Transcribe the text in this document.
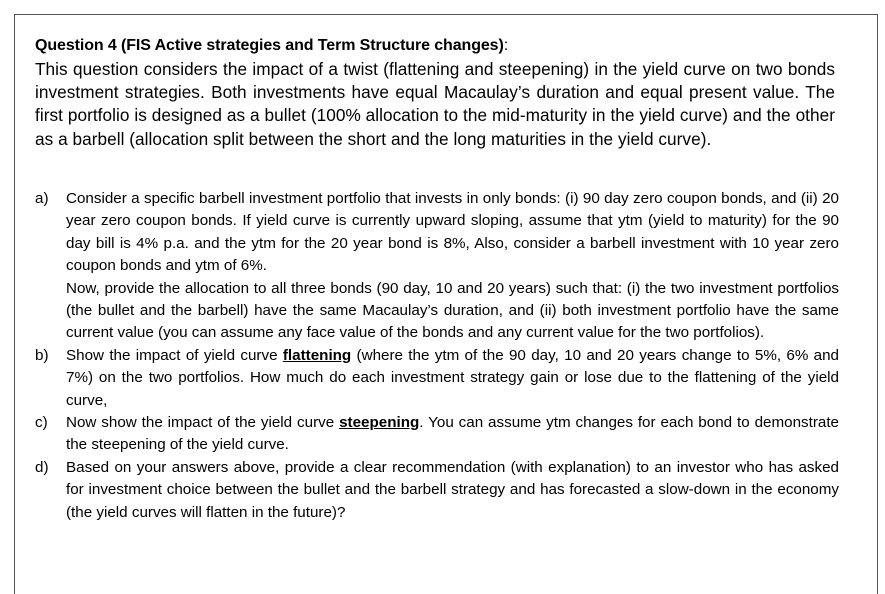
Question 4 (FIS Active strategies and Term Structure changes):
This question considers the impact of a twist (flattening and steepening) in the yield curve on two bonds investment strategies. Both investments have equal Macaulay’s duration and equal present value. The first portfolio is designed as a bullet (100% allocation to the mid-maturity in the yield curve) and the other as a barbell (allocation split between the short and the long maturities in the yield curve).
a) Consider a specific barbell investment portfolio that invests in only bonds: (i) 90 day zero coupon bonds, and (ii) 20 year zero coupon bonds. If yield curve is currently upward sloping, assume that ytm (yield to maturity) for the 90 day bill is 4% p.a. and the ytm for the 20 year bond is 8%, Also, consider a barbell investment with 10 year zero coupon bonds and ytm of 6%.
Now, provide the allocation to all three bonds (90 day, 10 and 20 years) such that: (i) the two investment portfolios (the bullet and the barbell) have the same Macaulay’s duration, and (ii) both investment portfolio have the same current value (you can assume any face value of the bonds and any current value for the two portfolios).
b) Show the impact of yield curve flattening (where the ytm of the 90 day, 10 and 20 years change to 5%, 6% and 7%) on the two portfolios. How much do each investment strategy gain or lose due to the flattening of the yield curve,
c) Now show the impact of the yield curve steepening. You can assume ytm changes for each bond to demonstrate the steepening of the yield curve.
d) Based on your answers above, provide a clear recommendation (with explanation) to an investor who has asked for investment choice between the bullet and the barbell strategy and has forecasted a slow-down in the economy (the yield curves will flatten in the future)?
